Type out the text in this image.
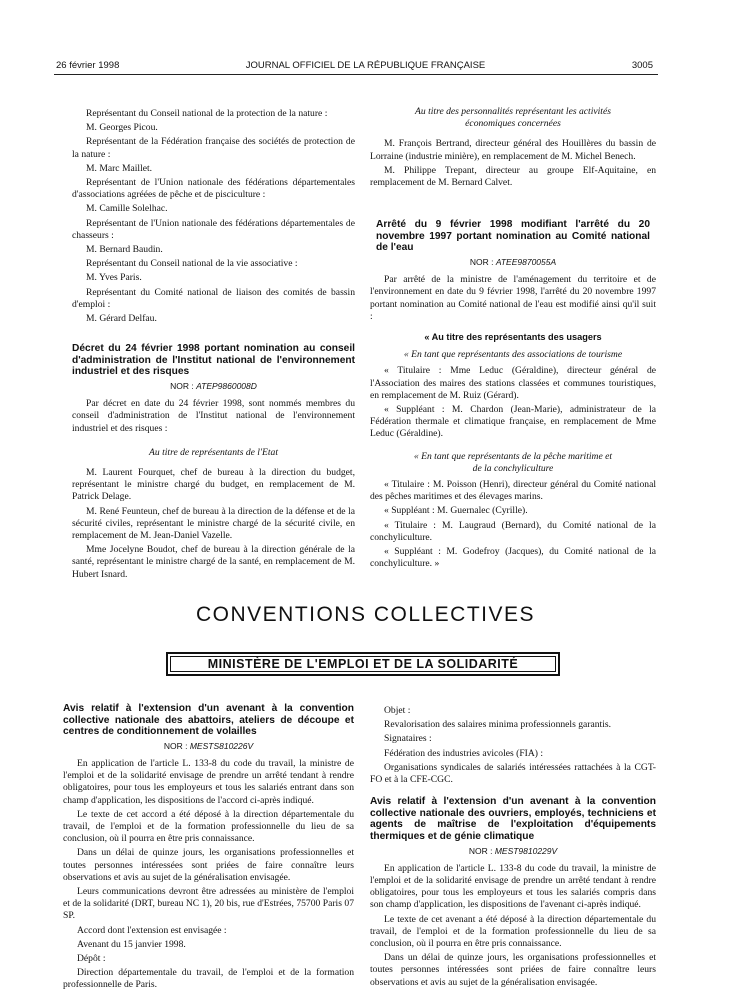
26 février 1998	JOURNAL OFFICIEL DE LA RÉPUBLIQUE FRANÇAISE	3005

Représentant du Conseil national de la protection de la nature :

M. Georges Picou.

Représentant de la Fédération française des sociétés de protection de la nature :

M. Marc Maillet.

Représentant de l'Union nationale des fédérations départementales d'associations agréées de pêche et de pisciculture :

M. Camille Solelhac.

Représentant de l'Union nationale des fédérations départementales de chasseurs :

M. Bernard Baudin.

Représentant du Conseil national de la vie associative :

M. Yves Paris.

Représentant du Comité national de liaison des comités de bassin d'emploi :

M. Gérard Delfau.

Décret du 24 février 1998 portant nomination au conseil d'administration de l'Institut national de l'environnement industriel et des risques

NOR : ATEP9860008D

Par décret en date du 24 février 1998, sont nommés membres du conseil d'administration de l'Institut national de l'environnement industriel et des risques :

Au titre de représentants de l'Etat

M. Laurent Fourquet, chef de bureau à la direction du budget, représentant le ministre chargé du budget, en remplacement de M. Patrick Delage.

M. René Feunteun, chef de bureau à la direction de la défense et de la sécurité civiles, représentant le ministre chargé de la sécurité civile, en remplacement de M. Jean-Daniel Vazelle.

Mme Jocelyne Boudot, chef de bureau à la direction générale de la santé, représentant le ministre chargé de la santé, en remplacement de M. Hubert Isnard.

Au titre des personnalités représentant les activités économiques concernées

M. François Bertrand, directeur général des Houillères du bassin de Lorraine (industrie minière), en remplacement de M. Michel Benech.

M. Philippe Trepant, directeur au groupe Elf-Aquitaine, en remplacement de M. Bernard Calvet.

Arrêté du 9 février 1998 modifiant l'arrêté du 20 novembre 1997 portant nomination au Comité national de l'eau

NOR : ATEE9870055A

Par arrêté de la ministre de l'aménagement du territoire et de l'environnement en date du 9 février 1998, l'arrêté du 20 novembre 1997 portant nomination au Comité national de l'eau est modifié ainsi qu'il suit :

« Au titre des représentants des usagers

« En tant que représentants des associations de tourisme

« Titulaire : Mme Leduc (Géraldine), directeur général de l'Association des maires des stations classées et communes touristiques, en remplacement de M. Ruiz (Gérard).

« Suppléant : M. Chardon (Jean-Marie), administrateur de la Fédération thermale et climatique française, en remplacement de Mme Leduc (Géraldine).

« En tant que représentants de la pêche maritime et de la conchyliculture

« Titulaire : M. Poisson (Henri), directeur général du Comité national des pêches maritimes et des élevages marins.

« Suppléant : M. Guernalec (Cyrille).

« Titulaire : M. Laugraud (Bernard), du Comité national de la conchyliculture.

« Suppléant : M. Godefroy (Jacques), du Comité national de la conchyliculture. »

CONVENTIONS COLLECTIVES
MINISTÈRE DE L'EMPLOI ET DE LA SOLIDARITÉ

Avis relatif à l'extension d'un avenant à la convention collective nationale des abattoirs, ateliers de découpe et centres de conditionnement de volailles

NOR : MESTS810226V

En application de l'article L. 133-8 du code du travail, la ministre de l'emploi et de la solidarité envisage de prendre un arrêté tendant à rendre obligatoires, pour tous les employeurs et tous les salariés entrant dans son champ d'application, les dispositions de l'accord ci-après indiqué.

Le texte de cet accord a été déposé à la direction départementale du travail, de l'emploi et de la formation professionnelle du lieu de sa conclusion, où il pourra en être pris connaissance.

Dans un délai de quinze jours, les organisations professionnelles et toutes personnes intéressées sont priées de faire connaître leurs observations et avis au sujet de la généralisation envisagée.

Leurs communications devront être adressées au ministère de l'emploi et de la solidarité (DRT, bureau NC 1), 20 bis, rue d'Estrées, 75700 Paris 07 SP.

Accord dont l'extension est envisagée :

Avenant du 15 janvier 1998.

Dépôt :

Direction départementale du travail, de l'emploi et de la formation professionnelle de Paris.

Objet :

Revalorisation des salaires minima professionnels garantis.

Signataires :

Fédération des industries avicoles (FIA) :

Organisations syndicales de salariés intéressées rattachées à la CGT-FO et à la CFE-CGC.

Avis relatif à l'extension d'un avenant à la convention collective nationale des ouvriers, employés, techniciens et agents de maîtrise de l'exploitation d'équipements thermiques et de génie climatique

NOR : MEST9810229V

En application de l'article L. 133-8 du code du travail, la ministre de l'emploi et de la solidarité envisage de prendre un arrêté tendant à rendre obligatoires, pour tous les employeurs et tous les salariés compris dans son champ d'application, les dispositions de l'avenant ci-après indiqué.

Le texte de cet avenant a été déposé à la direction départementale du travail, de l'emploi et de la formation professionnelle du lieu de sa conclusion, où il pourra en être pris connaissance.

Dans un délai de quinze jours, les organisations professionnelles et toutes personnes intéressées sont priées de faire connaître leurs observations et avis au sujet de la généralisation envisagée.
